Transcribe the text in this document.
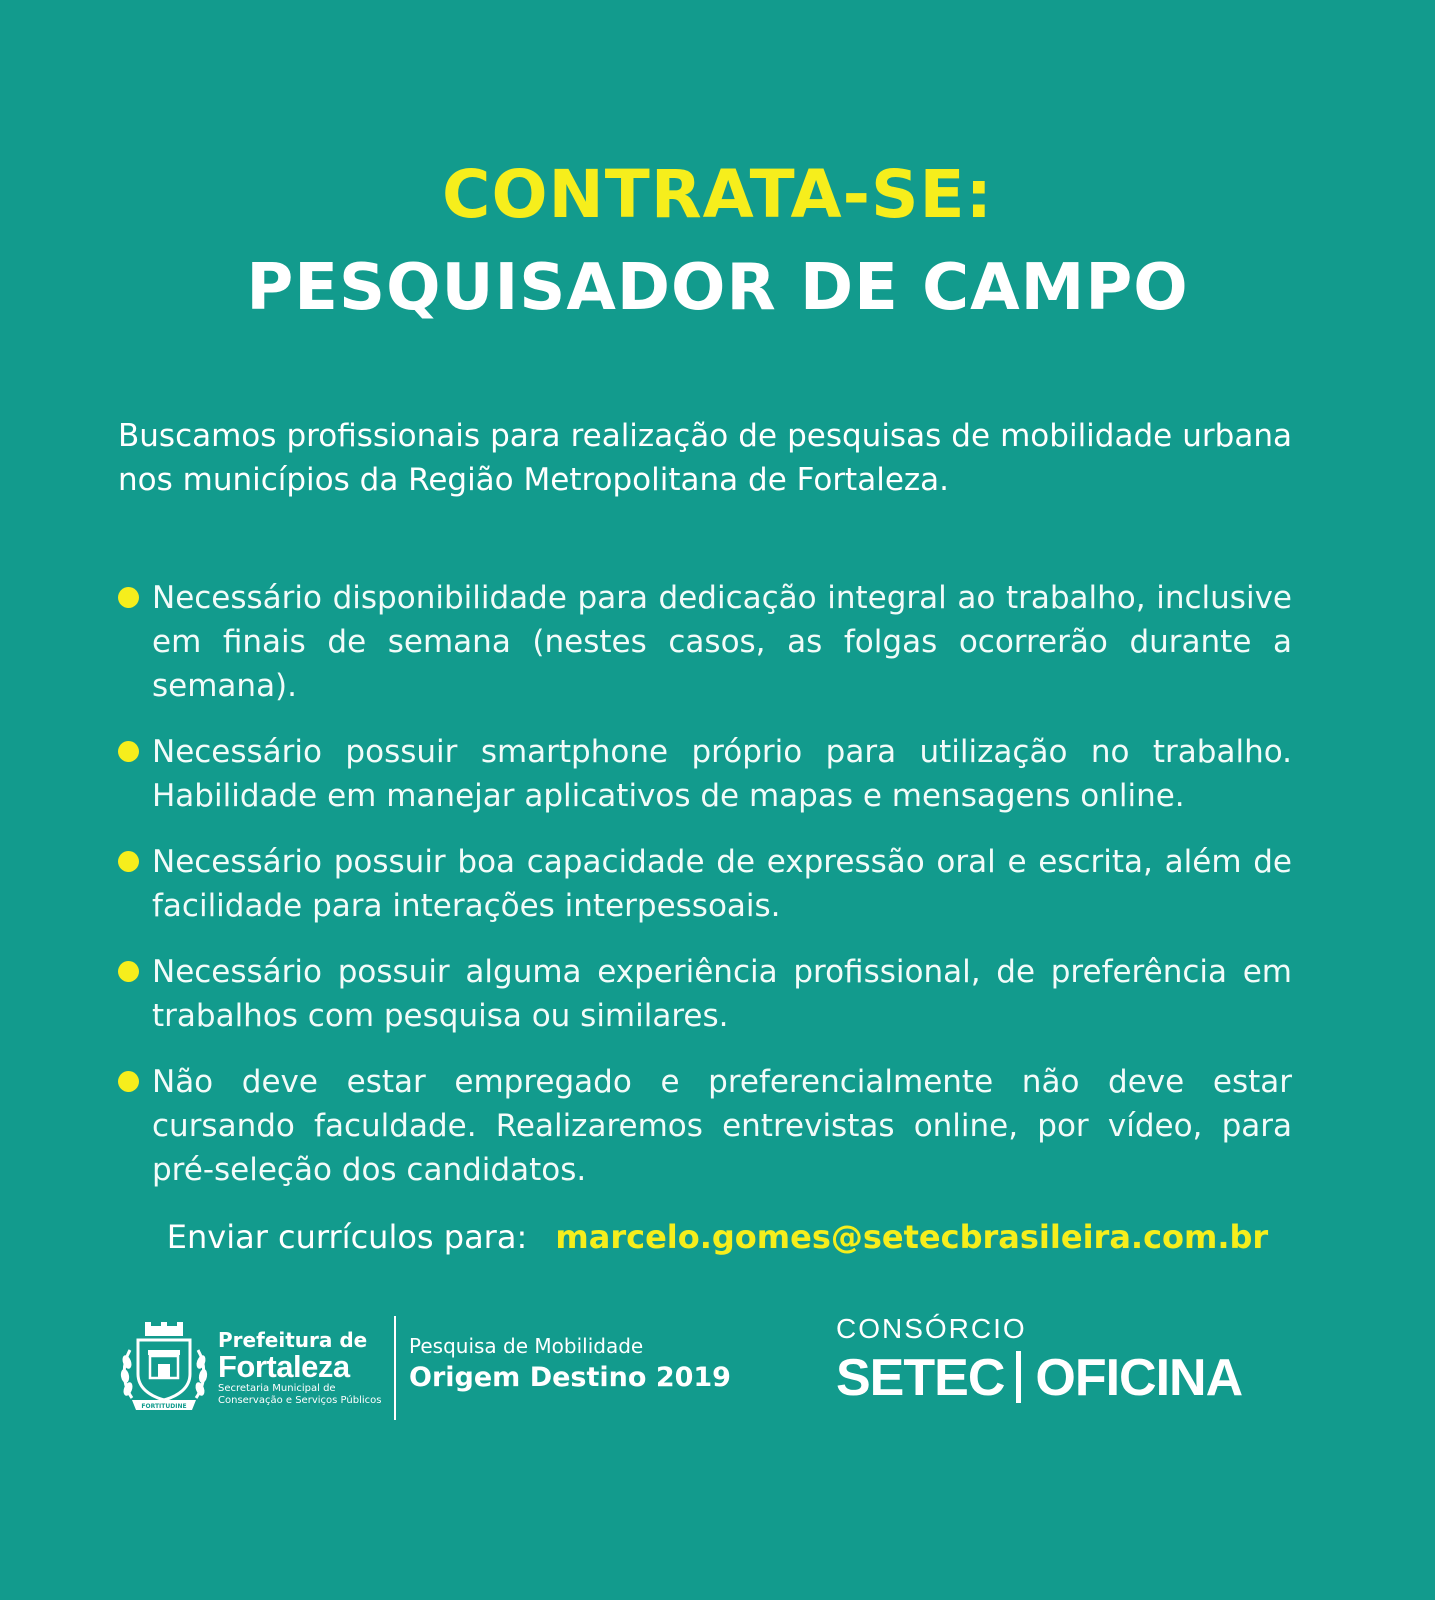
CONTRATA-SE:
PESQUISADOR DE CAMPO
Buscamos profissionais para realização de pesquisas de mobilidade urbana nos municípios da Região Metropolitana de Fortaleza.
Necessário disponibilidade para dedicação integral ao trabalho, inclusive em finais de semana (nestes casos, as folgas ocorrerão durante a semana).
Necessário possuir smartphone próprio para utilização no trabalho. Habilidade em manejar aplicativos de mapas e mensagens online.
Necessário possuir boa capacidade de expressão oral e escrita, além de facilidade para interações interpessoais.
Necessário possuir alguma experiência profissional, de preferência em trabalhos com pesquisa ou similares.
Não deve estar empregado e preferencialmente não deve estar cursando faculdade. Realizaremos entrevistas online, por vídeo, para pré-seleção dos candidatos.
Enviar currículos para: marcelo.gomes@setecbrasileira.com.br
FORTITUDINE
Prefeitura de
Fortaleza
Secretaria Municipal de
Conservação e Serviços Públicos
Pesquisa de Mobilidade
Origem Destino 2019
CONSÓRCIO
SETEC OFICINA
